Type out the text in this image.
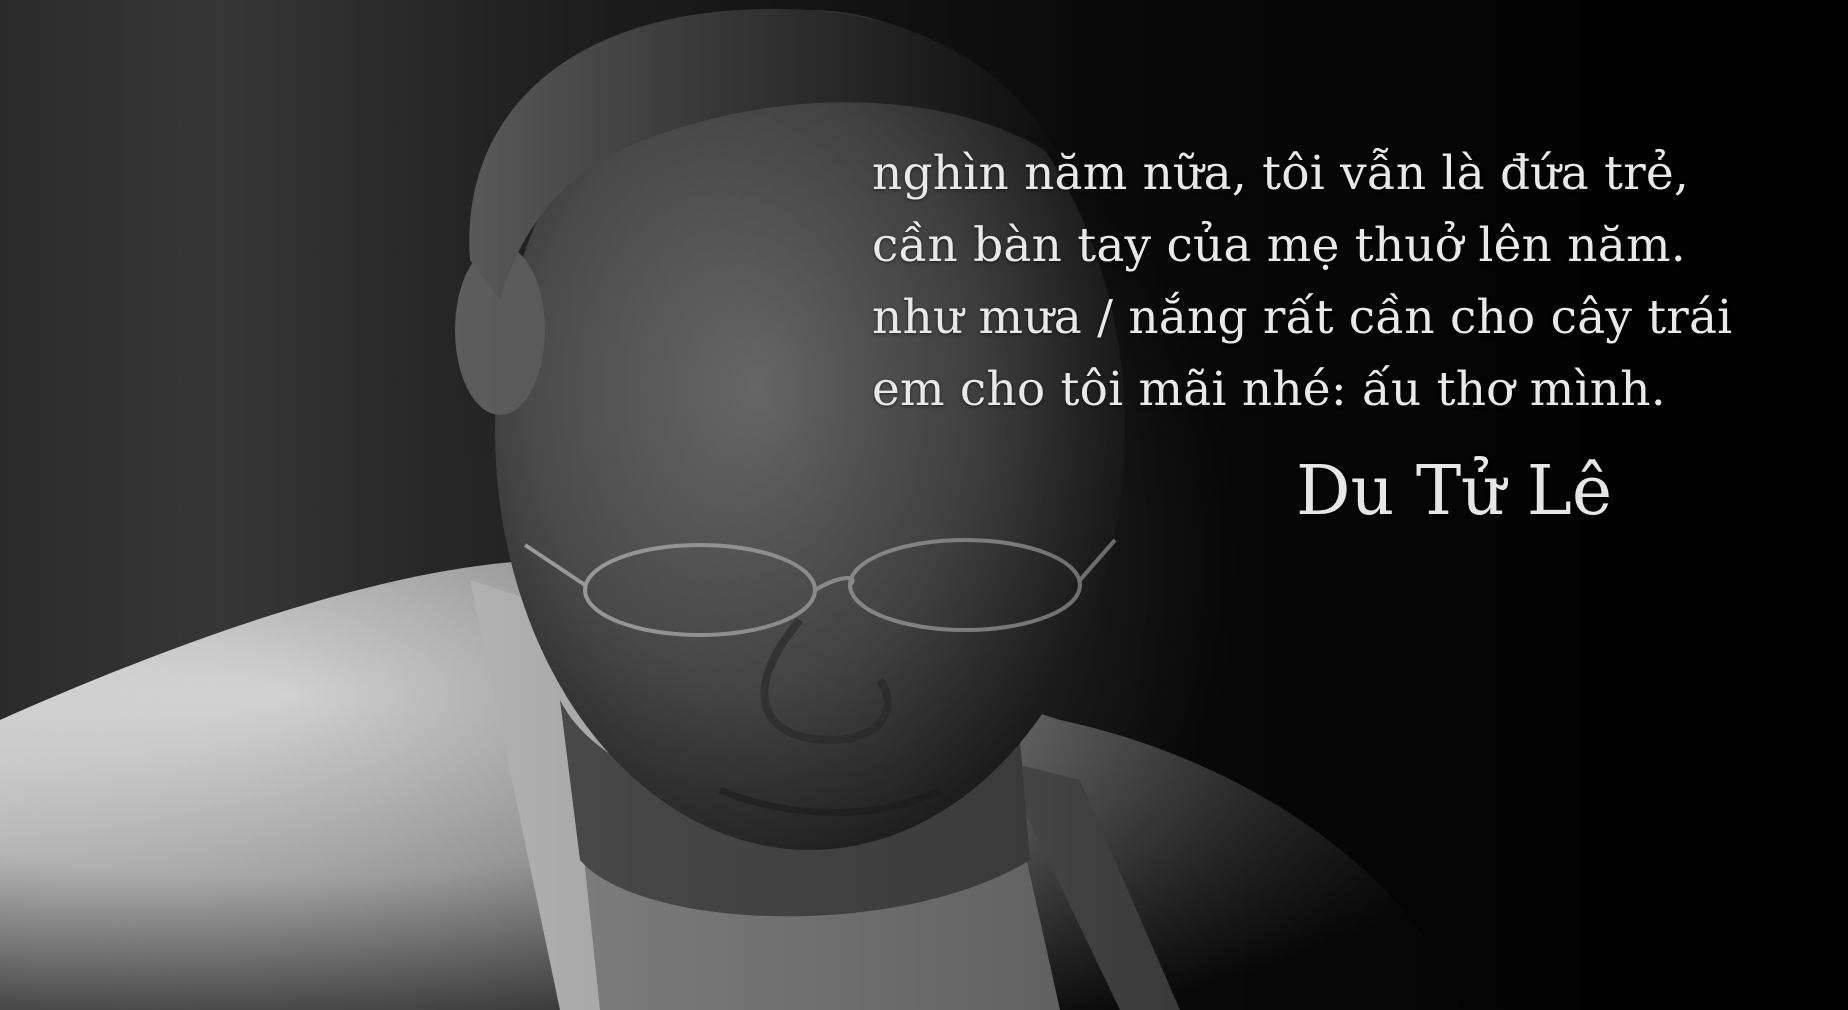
nghìn năm nữa, tôi vẫn là đứa trẻ,
cần bàn tay của mẹ thuở lên năm.
như mưa / nắng rất cần cho cây trái
em cho tôi mãi nhé: ấu thơ mình.
Du Tử Lê
